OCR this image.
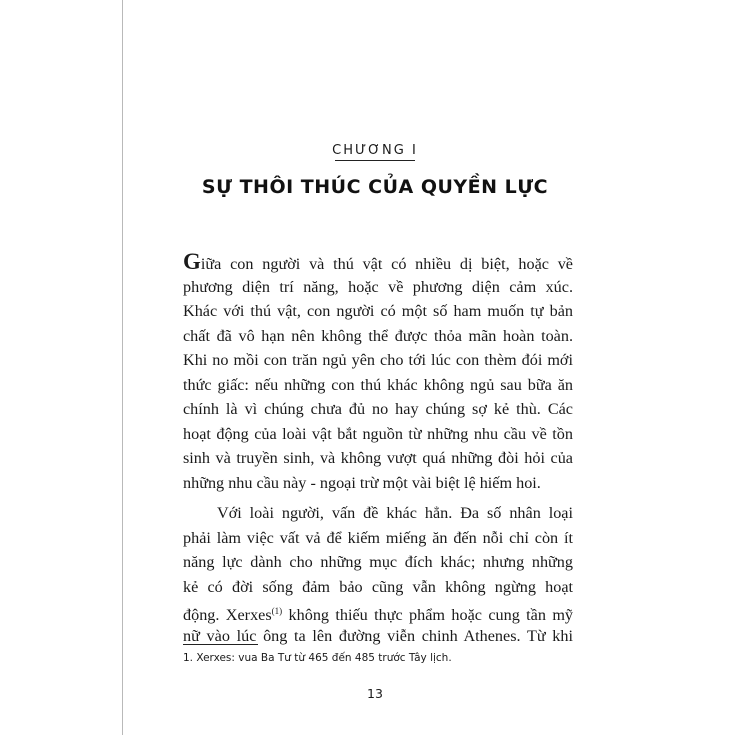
CHƯƠNG I
SỰ THÔI THÚC CỦA QUYỀN LỰC
Giữa con người và thú vật có nhiều dị biệt, hoặc về
phương diện trí năng, hoặc về phương diện cảm xúc.
Khác với thú vật, con người có một số ham muốn tự bản
chất đã vô hạn nên không thể được thỏa mãn hoàn toàn.
Khi no mồi con trăn ngủ yên cho tới lúc con thèm đói mới
thức giấc: nếu những con thú khác không ngủ sau bữa ăn
chính là vì chúng chưa đủ no hay chúng sợ kẻ thù. Các
hoạt động của loài vật bắt nguồn từ những nhu cầu về tồn
sinh và truyền sinh, và không vượt quá những đòi hỏi của
những nhu cầu này - ngoại trừ một vài biệt lệ hiếm hoi.
Với loài người, vấn đề khác hẳn. Đa số nhân loại
phải làm việc vất vả để kiếm miếng ăn đến nỗi chỉ còn ít
năng lực dành cho những mục đích khác; nhưng những
kẻ có đời sống đảm bảo cũng vẫn không ngừng hoạt
động. Xerxes$^{(1)}$ không thiếu thực phẩm hoặc cung tần mỹ
nữ vào lúc ông ta lên đường viễn chinh Athenes. Từ khi
1. Xerxes: vua Ba Tư từ 465 đến 485 trước Tây lịch.
13
